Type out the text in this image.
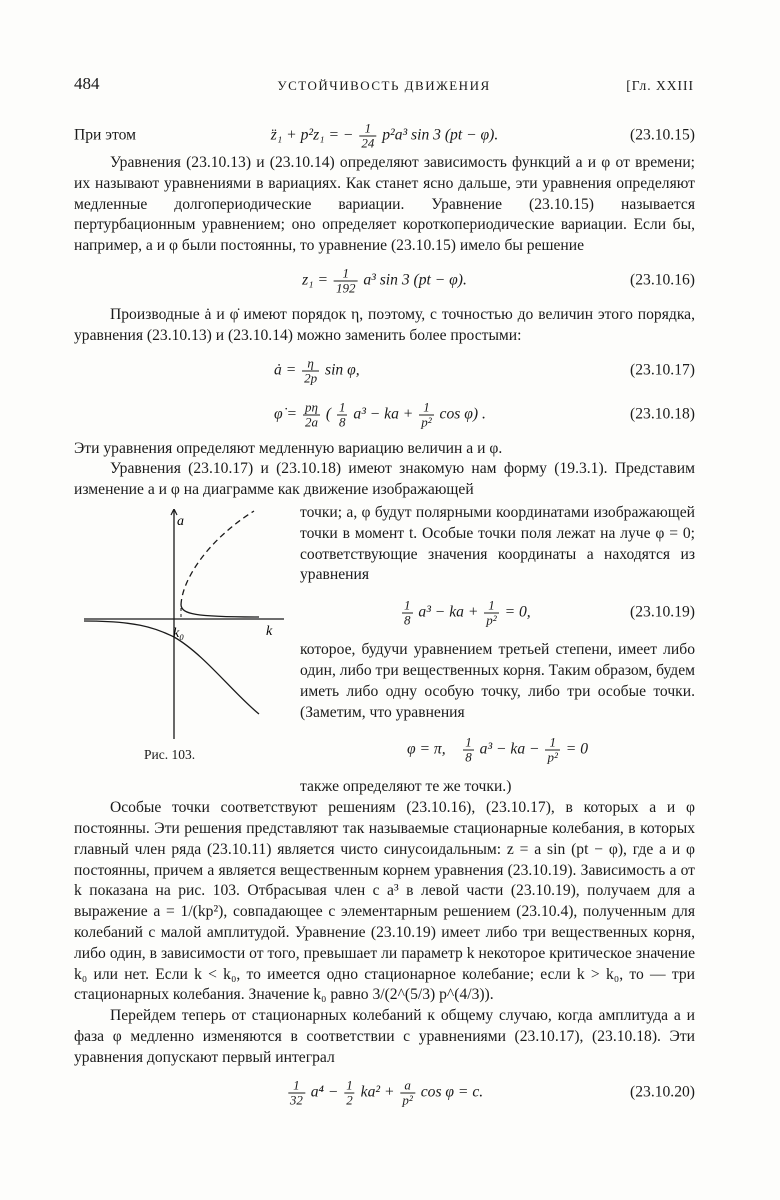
484	УСТОЙЧИВОСТЬ ДВИЖЕНИЯ	[Гл. XXIII
При этом	z̈₁ + p²z₁ = − $\frac{1}{24} p^2a^3$ sin 3 (pt − φ).	(23.10.15)

Уравнения (23.10.13) и (23.10.14) определяют зависимость функций a и φ от времени; их называют уравнениями в вариациях. Как станет ясно дальше, эти уравнения определяют медленные долгопериодические вариации. Уравнение (23.10.15) называется пертурбационным уравнением; оно определяет короткопериодические вариации. Если бы, например, a и φ были постоянны, то уравнение (23.10.15) имело бы решение

$z_1 = \frac{1}{192} a^3$ sin 3 (pt − φ).	(23.10.16)

Производные ȧ и φ̇ имеют порядок η, поэтому, с точностью до величин этого порядка, уравнения (23.10.13) и (23.10.14) можно заменить более простыми:

ȧ = $\frac{\eta}{2p}$ sin φ,	(23.10.17)
φ̇ = $\frac{p\eta}{2a}$ ( $\frac{1}{8} a^3$ − ka + $\frac{1}{\text{p²}}$ cos φ) .	(23.10.18)

Эти уравнения определяют медленную вариацию величин a и φ.

Уравнения (23.10.17) и (23.10.18) имеют знакомую нам форму (19.3.1). Представим изменение a и φ на диаграмме как движение изображающей

a
k
k₀
Рис. 103.

точки; a, φ будут полярными координатами изображающей точки в момент t. Особые точки поля лежат на луче φ = 0; соответствующие значения координаты a находятся из уравнения

$\frac{1}{8} a^3$ − ka + $\frac{1}{\text{p²}} = 0$,	(23.10.19)

которое, будучи уравнением третьей степени, имеет либо один, либо три вещественных корня. Таким образом, будем иметь либо одну особую точку, либо три особые точки. (Заметим, что уравнения

φ = π, $\frac{1}{8} a^3$ − ka − $\frac{1}{\text{p²}} = 0$

также определяют те же точки.)

Особые точки соответствуют решениям (23.10.16), (23.10.17), в которых a и φ постоянны. Эти решения представляют так называемые стационарные колебания, в которых главный член ряда (23.10.11) является чисто синусоидальным: z = a sin (pt − φ), где a и φ постоянны, причем a является вещественным корнем уравнения (23.10.19). Зависимость a от k показана на рис. 103. Отбрасывая член с a³ в левой части (23.10.19), получаем для a выражение a = 1/(kp²), совпадающее с элементарным решением (23.10.4), полученным для колебаний с малой амплитудой. Уравнение (23.10.19) имеет либо три вещественных корня, либо один, в зависимости от того, превышает ли параметр k некоторое критическое значение k₀ или нет. Если k < k₀, то имеется одно стационарное колебание; если k > k₀, то — три стационарных колебания. Значение k₀ равно 3/(2^(5/3) p^(4/3)).

Перейдем теперь от стационарных колебаний к общему случаю, когда амплитуда a и фаза φ медленно изменяются в соответствии с уравнениями (23.10.17), (23.10.18). Эти уравнения допускают первый интеграл

$\frac{1}{32} a^4 - \frac{1}{2} ka^2 + \frac{a}{\text{p²}}$ cos φ = c.	(23.10.20)
